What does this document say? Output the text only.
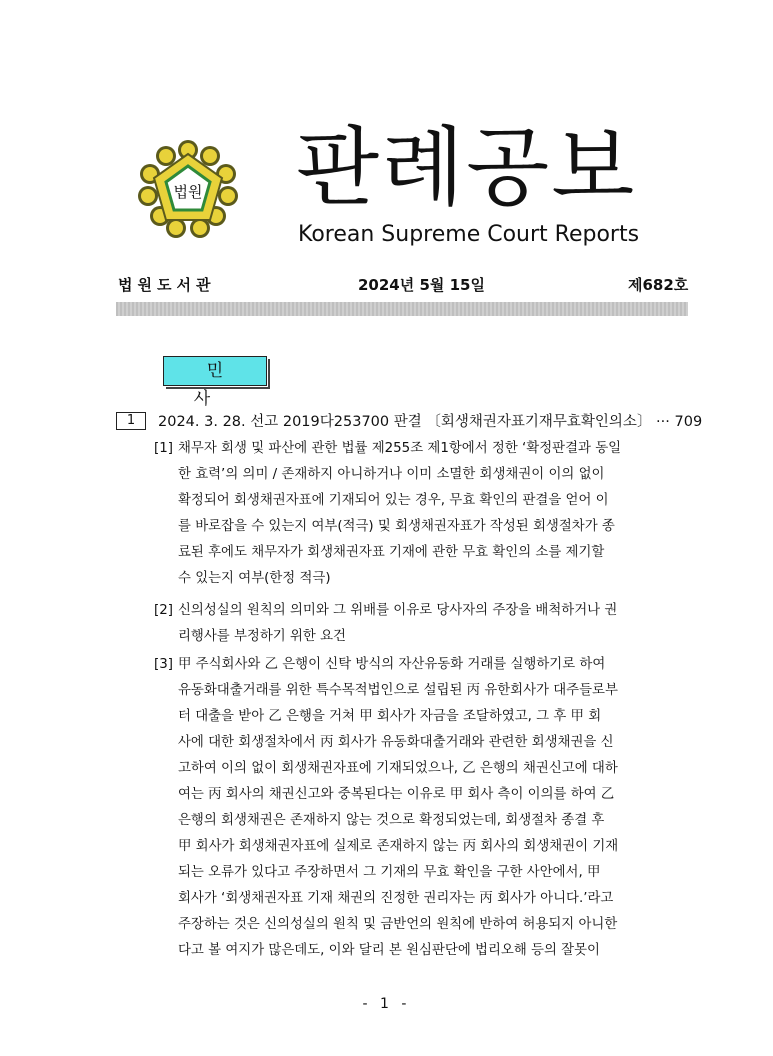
법원 판례공보
Korean Supreme Court Reports
법원도서관	2024년 5월 15일	제682호
민사
1	2024. 3. 28. 선고 2019다253700 판결 〔회생채권자표기재무효확인의소〕 ··· 709
[1] 채무자 회생 및 파산에 관한 법률 제255조 제1항에서 정한 ‘확정판결과 동일
한 효력’의 의미 / 존재하지 아니하거나 이미 소멸한 회생채권이 이의 없이
확정되어 회생채권자표에 기재되어 있는 경우, 무효 확인의 판결을 얻어 이
를 바로잡을 수 있는지 여부(적극) 및 회생채권자표가 작성된 회생절차가 종
료된 후에도 채무자가 회생채권자표 기재에 관한 무효 확인의 소를 제기할
수 있는지 여부(한정 적극)
[2] 신의성실의 원칙의 의미와 그 위배를 이유로 당사자의 주장을 배척하거나 권
리행사를 부정하기 위한 요건
[3] 甲 주식회사와 乙 은행이 신탁 방식의 자산유동화 거래를 실행하기로 하여
유동화대출거래를 위한 특수목적법인으로 설립된 丙 유한회사가 대주들로부
터 대출을 받아 乙 은행을 거쳐 甲 회사가 자금을 조달하였고, 그 후 甲 회
사에 대한 회생절차에서 丙 회사가 유동화대출거래와 관련한 회생채권을 신
고하여 이의 없이 회생채권자표에 기재되었으나, 乙 은행의 채권신고에 대하
여는 丙 회사의 채권신고와 중복된다는 이유로 甲 회사 측이 이의를 하여 乙
은행의 회생채권은 존재하지 않는 것으로 확정되었는데, 회생절차 종결 후
甲 회사가 회생채권자표에 실제로 존재하지 않는 丙 회사의 회생채권이 기재
되는 오류가 있다고 주장하면서 그 기재의 무효 확인을 구한 사안에서, 甲
회사가 ‘회생채권자표 기재 채권의 진정한 권리자는 丙 회사가 아니다.’라고
주장하는 것은 신의성실의 원칙 및 금반언의 원칙에 반하여 허용되지 아니한
다고 볼 여지가 많은데도, 이와 달리 본 원심판단에 법리오해 등의 잘못이
- 1 -
